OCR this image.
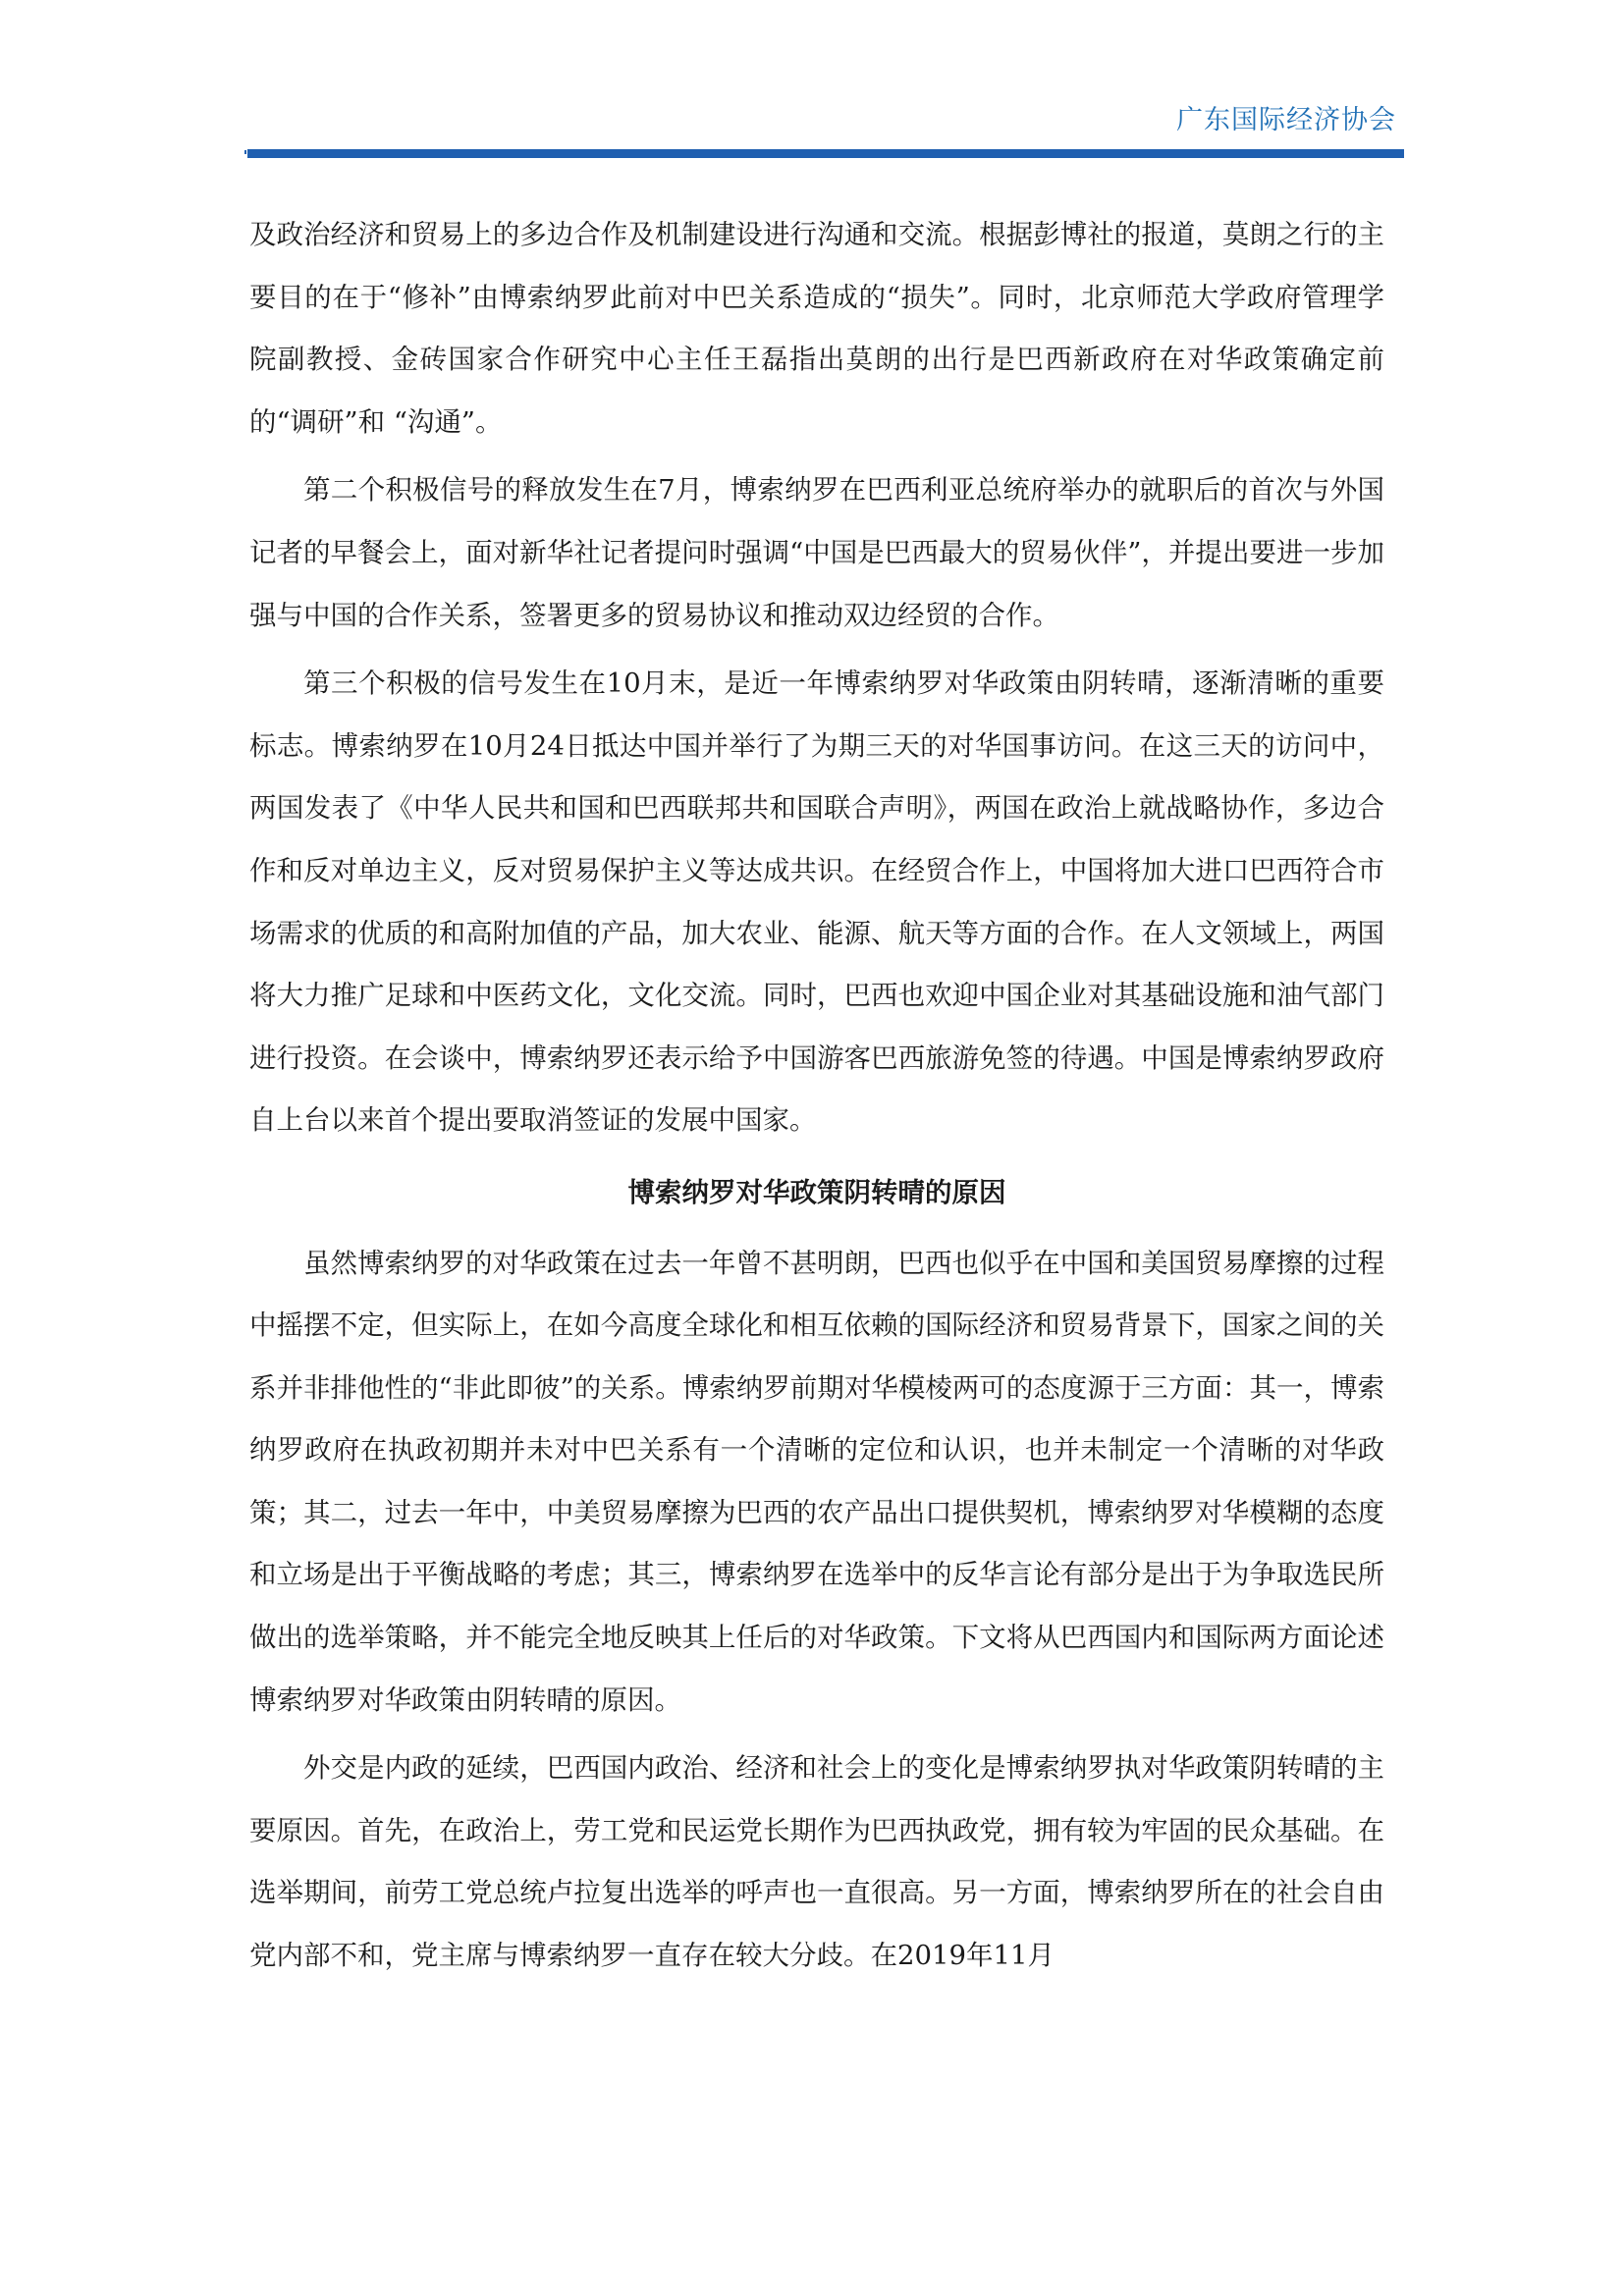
广东国际经济协会

及政治经济和贸易上的多边合作及机制建设进行沟通和交流。根据彭博社的报道，莫朗之行的主要目的在于“修补”由博索纳罗此前对中巴关系造成的“损失”。同时，北京师范大学政府管理学院副教授、金砖国家合作研究中心主任王磊指出莫朗的出行是巴西新政府在对华政策确定前的“调研”和 “沟通”。

第二个积极信号的释放发生在7月，博索纳罗在巴西利亚总统府举办的就职后的首次与外国记者的早餐会上，面对新华社记者提问时强调“中国是巴西最大的贸易伙伴”，并提出要进一步加强与中国的合作关系，签署更多的贸易协议和推动双边经贸的合作。

第三个积极的信号发生在10月末，是近一年博索纳罗对华政策由阴转晴，逐渐清晰的重要标志。博索纳罗在10月24日抵达中国并举行了为期三天的对华国事访问。在这三天的访问中，两国发表了《中华人民共和国和巴西联邦共和国联合声明》，两国在政治上就战略协作，多边合作和反对单边主义，反对贸易保护主义等达成共识。在经贸合作上，中国将加大进口巴西符合市场需求的优质的和高附加值的产品，加大农业、能源、航天等方面的合作。在人文领域上，两国将大力推广足球和中医药文化，文化交流。同时，巴西也欢迎中国企业对其基础设施和油气部门进行投资。在会谈中，博索纳罗还表示给予中国游客巴西旅游免签的待遇。中国是博索纳罗政府自上台以来首个提出要取消签证的发展中国家。

博索纳罗对华政策阴转晴的原因

虽然博索纳罗的对华政策在过去一年曾不甚明朗，巴西也似乎在中国和美国贸易摩擦的过程中摇摆不定，但实际上，在如今高度全球化和相互依赖的国际经济和贸易背景下，国家之间的关系并非排他性的“非此即彼”的关系。博索纳罗前期对华模棱两可的态度源于三方面：其一，博索纳罗政府在执政初期并未对中巴关系有一个清晰的定位和认识，也并未制定一个清晰的对华政策；其二，过去一年中，中美贸易摩擦为巴西的农产品出口提供契机，博索纳罗对华模糊的态度和立场是出于平衡战略的考虑；其三，博索纳罗在选举中的反华言论有部分是出于为争取选民所做出的选举策略，并不能完全地反映其上任后的对华政策。下文将从巴西国内和国际两方面论述博索纳罗对华政策由阴转晴的原因。

外交是内政的延续，巴西国内政治、经济和社会上的变化是博索纳罗执对华政策阴转晴的主要原因。首先，在政治上，劳工党和民运党长期作为巴西执政党，拥有较为牢固的民众基础。在选举期间，前劳工党总统卢拉复出选举的呼声也一直很高。另一方面，博索纳罗所在的社会自由党内部不和，党主席与博索纳罗一直存在较大分歧。在2019年11月
